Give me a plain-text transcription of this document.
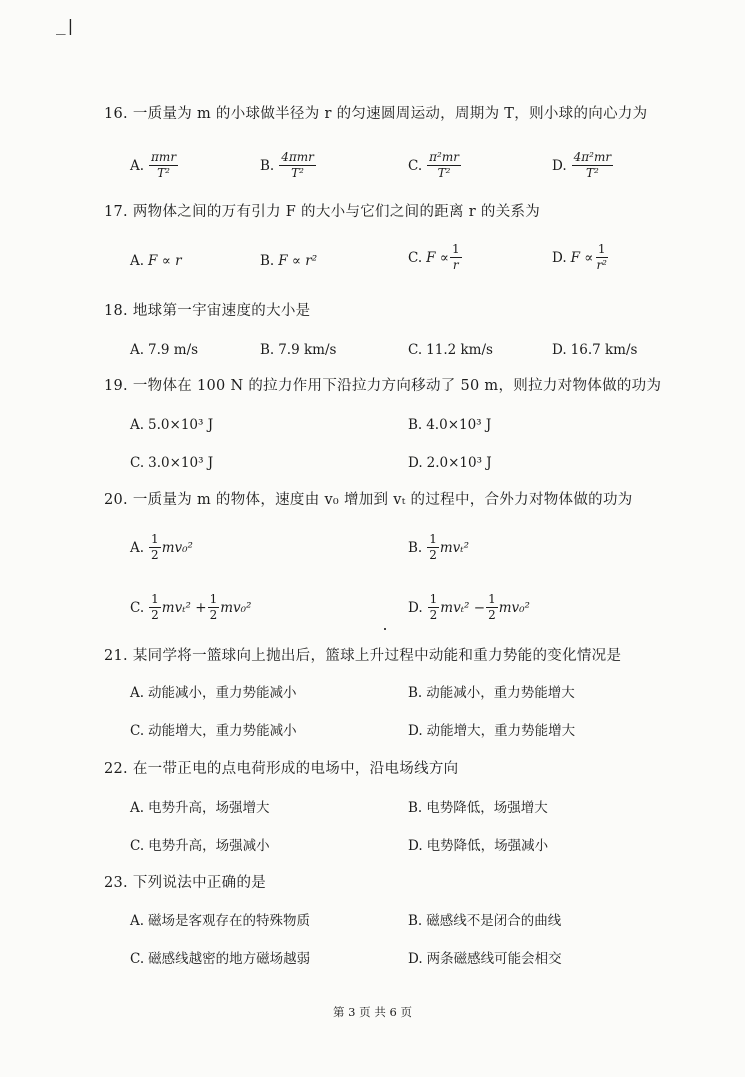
_|
16. 一质量为 m 的小球做半径为 r 的匀速圆周运动，周期为 T，则小球的向心力为
A. $\frac{\text{πmr}}{\text{T²}}$	B. $\frac{\text{4πmr}}{\text{T²}}$	C. $\frac{\text{π²mr}}{\text{T²}}$	D. $\frac{\text{4π²mr}}{\text{T²}}$
17. 两物体之间的万有引力 F 的大小与它们之间的距离 r 的关系为
A. F ∝ r	B. F ∝ r²	C. $F \propto \frac{1}{r}$	D. $F \propto \frac{1}{\text{r²}}$
18. 地球第一宇宙速度的大小是
A. 7.9 m/s	B. 7.9 km/s	C. 11.2 km/s	D. 16.7 km/s
19. 一物体在 100 N 的拉力作用下沿拉力方向移动了 50 m，则拉力对物体做的功为
A. 5.0×10³ J	B. 4.0×10³ J
C. 3.0×10³ J	D. 2.0×10³ J
20. 一质量为 m 的物体，速度由 v₀ 增加到 vₜ 的过程中，合外力对物体做的功为
A. $\frac{1}{2} mv_0^2$	B. $\frac{1}{2} mv_t^2$
C. $\frac{1}{2} mv_t^2 + \frac{1}{2} mv_0^2$	D. $\frac{1}{2} mv_t^2 - \frac{1}{2} mv_0^2$
21. 某同学将一篮球向上抛出后，篮球上升过程中动能和重力势能的变化情况是
A. 动能减小，重力势能减小	B. 动能减小，重力势能增大
C. 动能增大，重力势能减小	D. 动能增大，重力势能增大
22. 在一带正电的点电荷形成的电场中，沿电场线方向
A. 电势升高，场强增大	B. 电势降低，场强增大
C. 电势升高，场强减小	D. 电势降低，场强减小
23. 下列说法中正确的是
A. 磁场是客观存在的特殊物质	B. 磁感线不是闭合的曲线
C. 磁感线越密的地方磁场越弱	D. 两条磁感线可能会相交
第 3 页 共 6 页
